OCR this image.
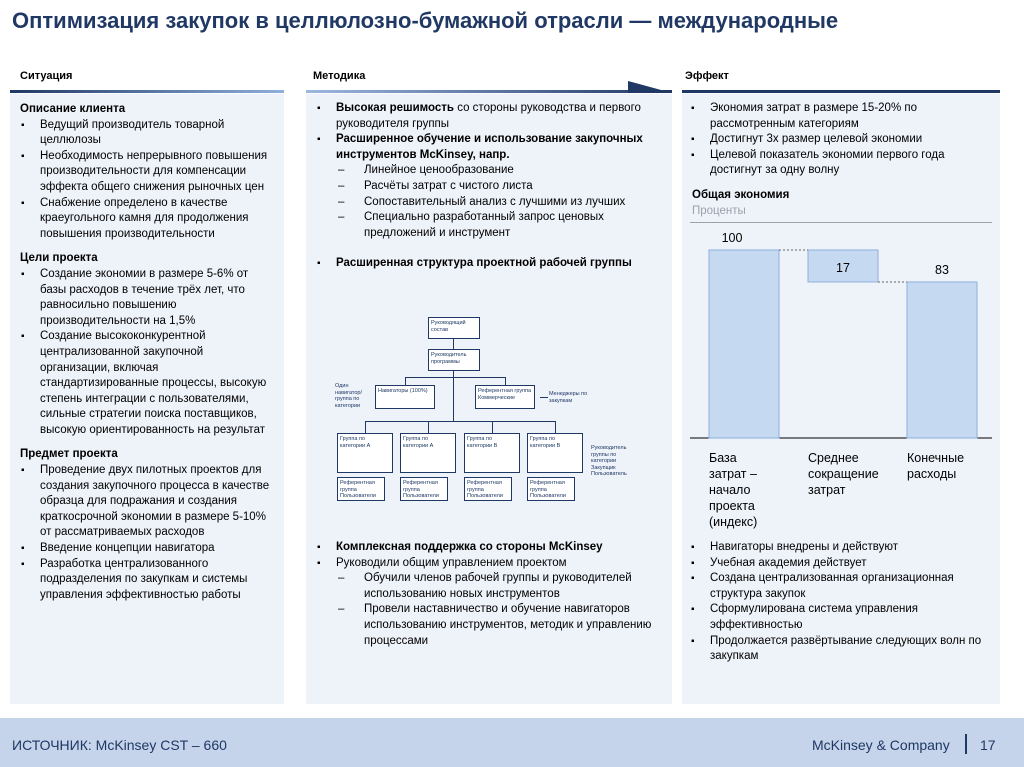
Оптимизация закупок в целлюлозно-бумажной отрасли — международные
Ситуация	Методика	Эффект
Описание клиента
▪ Ведущий производитель товарной целлюлозы
▪ Необходимость непрерывного повышения производительности для компенсации эффекта общего снижения рыночных цен
▪ Снабжение определено в качестве краеугольного камня для продолжения повышения производительности
Цели проекта
▪ Создание экономии в размере 5-6% от базы расходов в течение трёх лет, что равносильно повышению производительности на 1,5%
▪ Создание высококонкурентной централизованной закупочной организации, включая стандартизированные процессы, высокую степень интеграции с пользователями, сильные стратегии поиска поставщиков, высокую ориентированность на результат
Предмет проекта
▪ Проведение двух пилотных проектов для создания закупочного процесса в качестве образца для подражания и создания краткосрочной экономии в размере 5-10% от рассматриваемых расходов
▪ Введение концепции навигатора
▪ Разработка централизованного подразделения по закупкам и системы управления эффективностью работы
▪ Высокая решимость со стороны руководства и первого руководителя группы
▪ Расширенное обучение и использование закупочных инструментов McKinsey, напр.
– Линейное ценообразование
– Расчёты затрат с чистого листа
– Сопоставительный анализ с лучшими из лучших
– Специально разработанный запрос ценовых предложений и инструмент
▪ Расширенная структура проектной рабочей группы
▪ Комплексная поддержка со стороны McKinsey
▪ Руководили общим управлением проектом
– Обучили членов рабочей группы и руководителей использованию новых инструментов
– Провели наставничество и обучение навигаторов использованию инструментов, методик и управлению процессами
Руководящий состав
Руководитель программы
Навигаторы (100%)	Референтная группа Коммерческие
Один навигатор/ группа по категории
Менеджеры по закупкам
Группа по категории А
Группа по категории А
Группа по категории В
Группа по категории В
Референтная группа Пользователи
Референтная группа Пользователи
Референтная группа Пользователи
Референтная группа Пользователи
Руководитель группы по категории
Закупщик
Пользователь
▪ Экономия затрат в размере 15-20% по рассмотренным категориям
▪ Достигнут 3х размер целевой экономии
▪ Целевой показатель экономии первого года достигнут за одну волну
Общая экономия
Проценты
100
База затрат – начало проекта (индекс)
17
Среднее сокращение затрат
83
Конечные расходы
▪ Навигаторы внедрены и действуют
▪ Учебная академия действует
▪ Создана централизованная организационная структура закупок
▪ Сформулирована система управления эффективностью
▪ Продолжается развёртывание следующих волн по закупкам
ИСТОЧНИК: McKinsey CST – 660	McKinsey & Company 17
